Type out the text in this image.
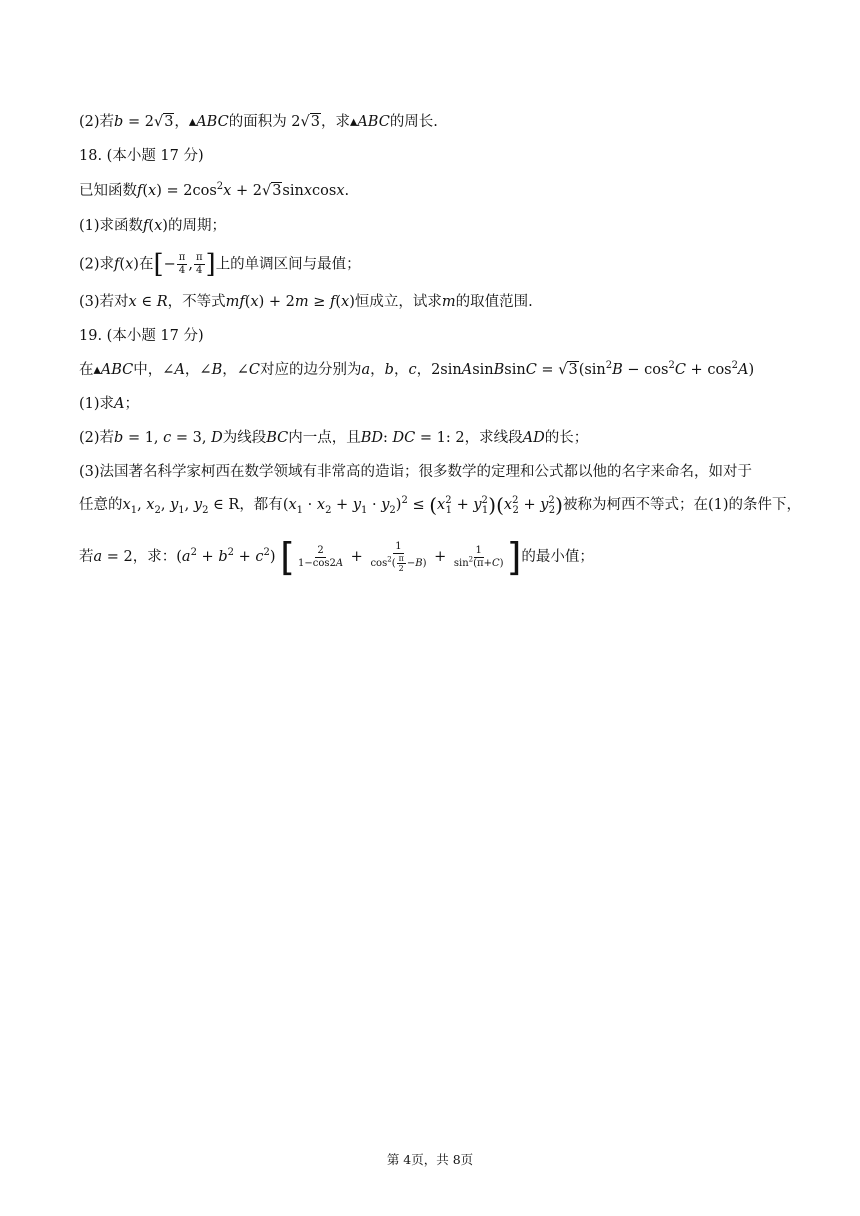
(2)若b = 2√3，▴ABC的面积为 2√3，求▴ABC的周长.
18. (本小题 17 分)
已知函数$f(x) = 2\cos^2x$ + 2√3sinxcosx.
(1)求函数f(x)的周期；
(2)求f(x)在[− $\frac{\pi}{4}$ , $\frac{\pi}{4}$ ]上的单调区间与最值；
(3)若对x ∈ R，不等式mf(x) + 2m ≥ f(x)恒成立，试求m的取值范围.
19. (本小题 17 分)
在▴ABC中，∠A，∠B，∠C对应的边分别为a，b，c，2sinAsinBsinC = $√3(\sin^2B - \cos^2C + \cos^2A)$
(1)求A；
(2)若b = 1, c = 3, D为线段BC内一点，且BD: DC = 1: 2，求线段AD的长；
(3)法国著名科学家柯西在数学领域有非常高的造诣；很多数学的定理和公式都以他的名字来命名，如对于
任意的$x_1$, $x_2$, $y_1$, $y_2$ ∈ R，都有$(x_1 \cdot x_2 + y_1 \cdot y_2)^2 \le (x^2_1 + y^2_1)(x^2_2 + y^2_2)$被称为柯西不等式；在(1)的条件下，
若a = 2，求：$(a^2 + b^2 + c^2)$ [ $\frac{2}{1-\cos 2A} + \frac{1}{\cos^2( \frac{\pi}{2} -B)} + \frac{1}{\sin^2(\pi+C)}$ ]的最小值；
第 4页，共 8页
